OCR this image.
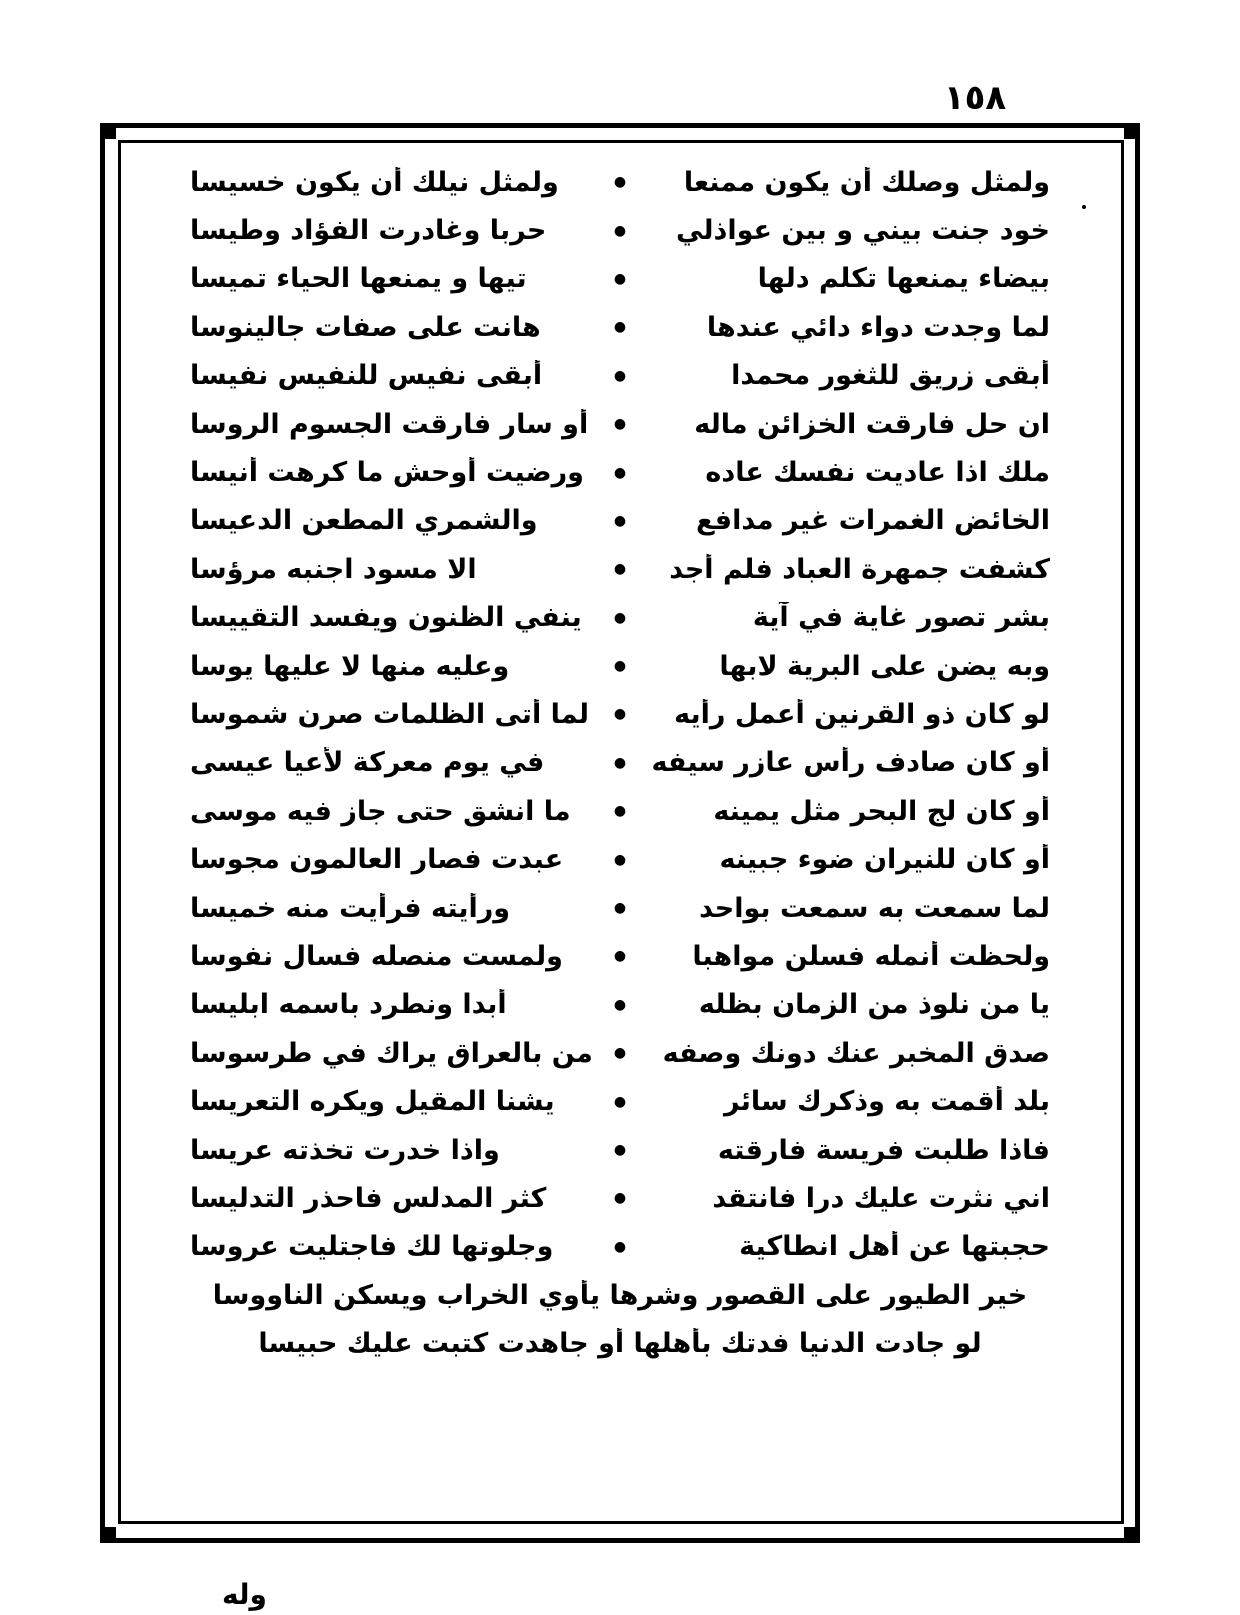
١٥٨
ولمثل وصلك أن يكون ممنعا
●
ولمثل نيلك أن يكون خسيسا
خود جنت بيني و بين عواذلي
●
حربا وغادرت الفؤاد وطيسا
بيضاء يمنعها تكلم دلها
●
تيها و يمنعها الحياء تميسا
لما وجدت دواء دائي عندها
●
هانت على صفات جالينوسا
أبقى زريق للثغور محمدا
●
أبقى نفيس للنفيس نفيسا
ان حل فارقت الخزائن ماله
●
أو سار فارقت الجسوم الروسا
ملك اذا عاديت نفسك عاده
●
ورضيت أوحش ما كرهت أنيسا
الخائض الغمرات غير مدافع
●
والشمري المطعن الدعيسا
كشفت جمهرة العباد فلم أجد
●
الا مسود اجنبه مرؤسا
بشر تصور غاية في آية
●
ينفي الظنون ويفسد التقييسا
وبه يضن على البرية لابها
●
وعليه منها لا عليها يوسا
لو كان ذو القرنين أعمل رأيه
●
لما أتى الظلمات صرن شموسا
أو كان صادف رأس عازر سيفه
●
في يوم معركة لأعيا عيسى
أو كان لج البحر مثل يمينه
●
ما انشق حتى جاز فيه موسى
أو كان للنيران ضوء جبينه
●
عبدت فصار العالمون مجوسا
لما سمعت به سمعت بواحد
●
ورأيته فرأيت منه خميسا
ولحظت أنمله فسلن مواهبا
●
ولمست منصله فسال نفوسا
يا من نلوذ من الزمان بظله
●
أبدا ونطرد باسمه ابليسا
صدق المخبر عنك دونك وصفه
●
من بالعراق يراك في طرسوسا
بلد أقمت به وذكرك سائر
●
يشنا المقيل ويكره التعريسا
فاذا طلبت فريسة فارقته
●
واذا خدرت تخذته عريسا
اني نثرت عليك درا فانتقد
●
كثر المدلس فاحذر التدليسا
حجبتها عن أهل انطاكية
●
وجلوتها لك فاجتليت عروسا
خير الطيور على القصور وشرها يأوي الخراب ويسكن الناووسا
لو جادت الدنيا فدتك بأهلها أو جاهدت كتبت عليك حبيسا
وله
